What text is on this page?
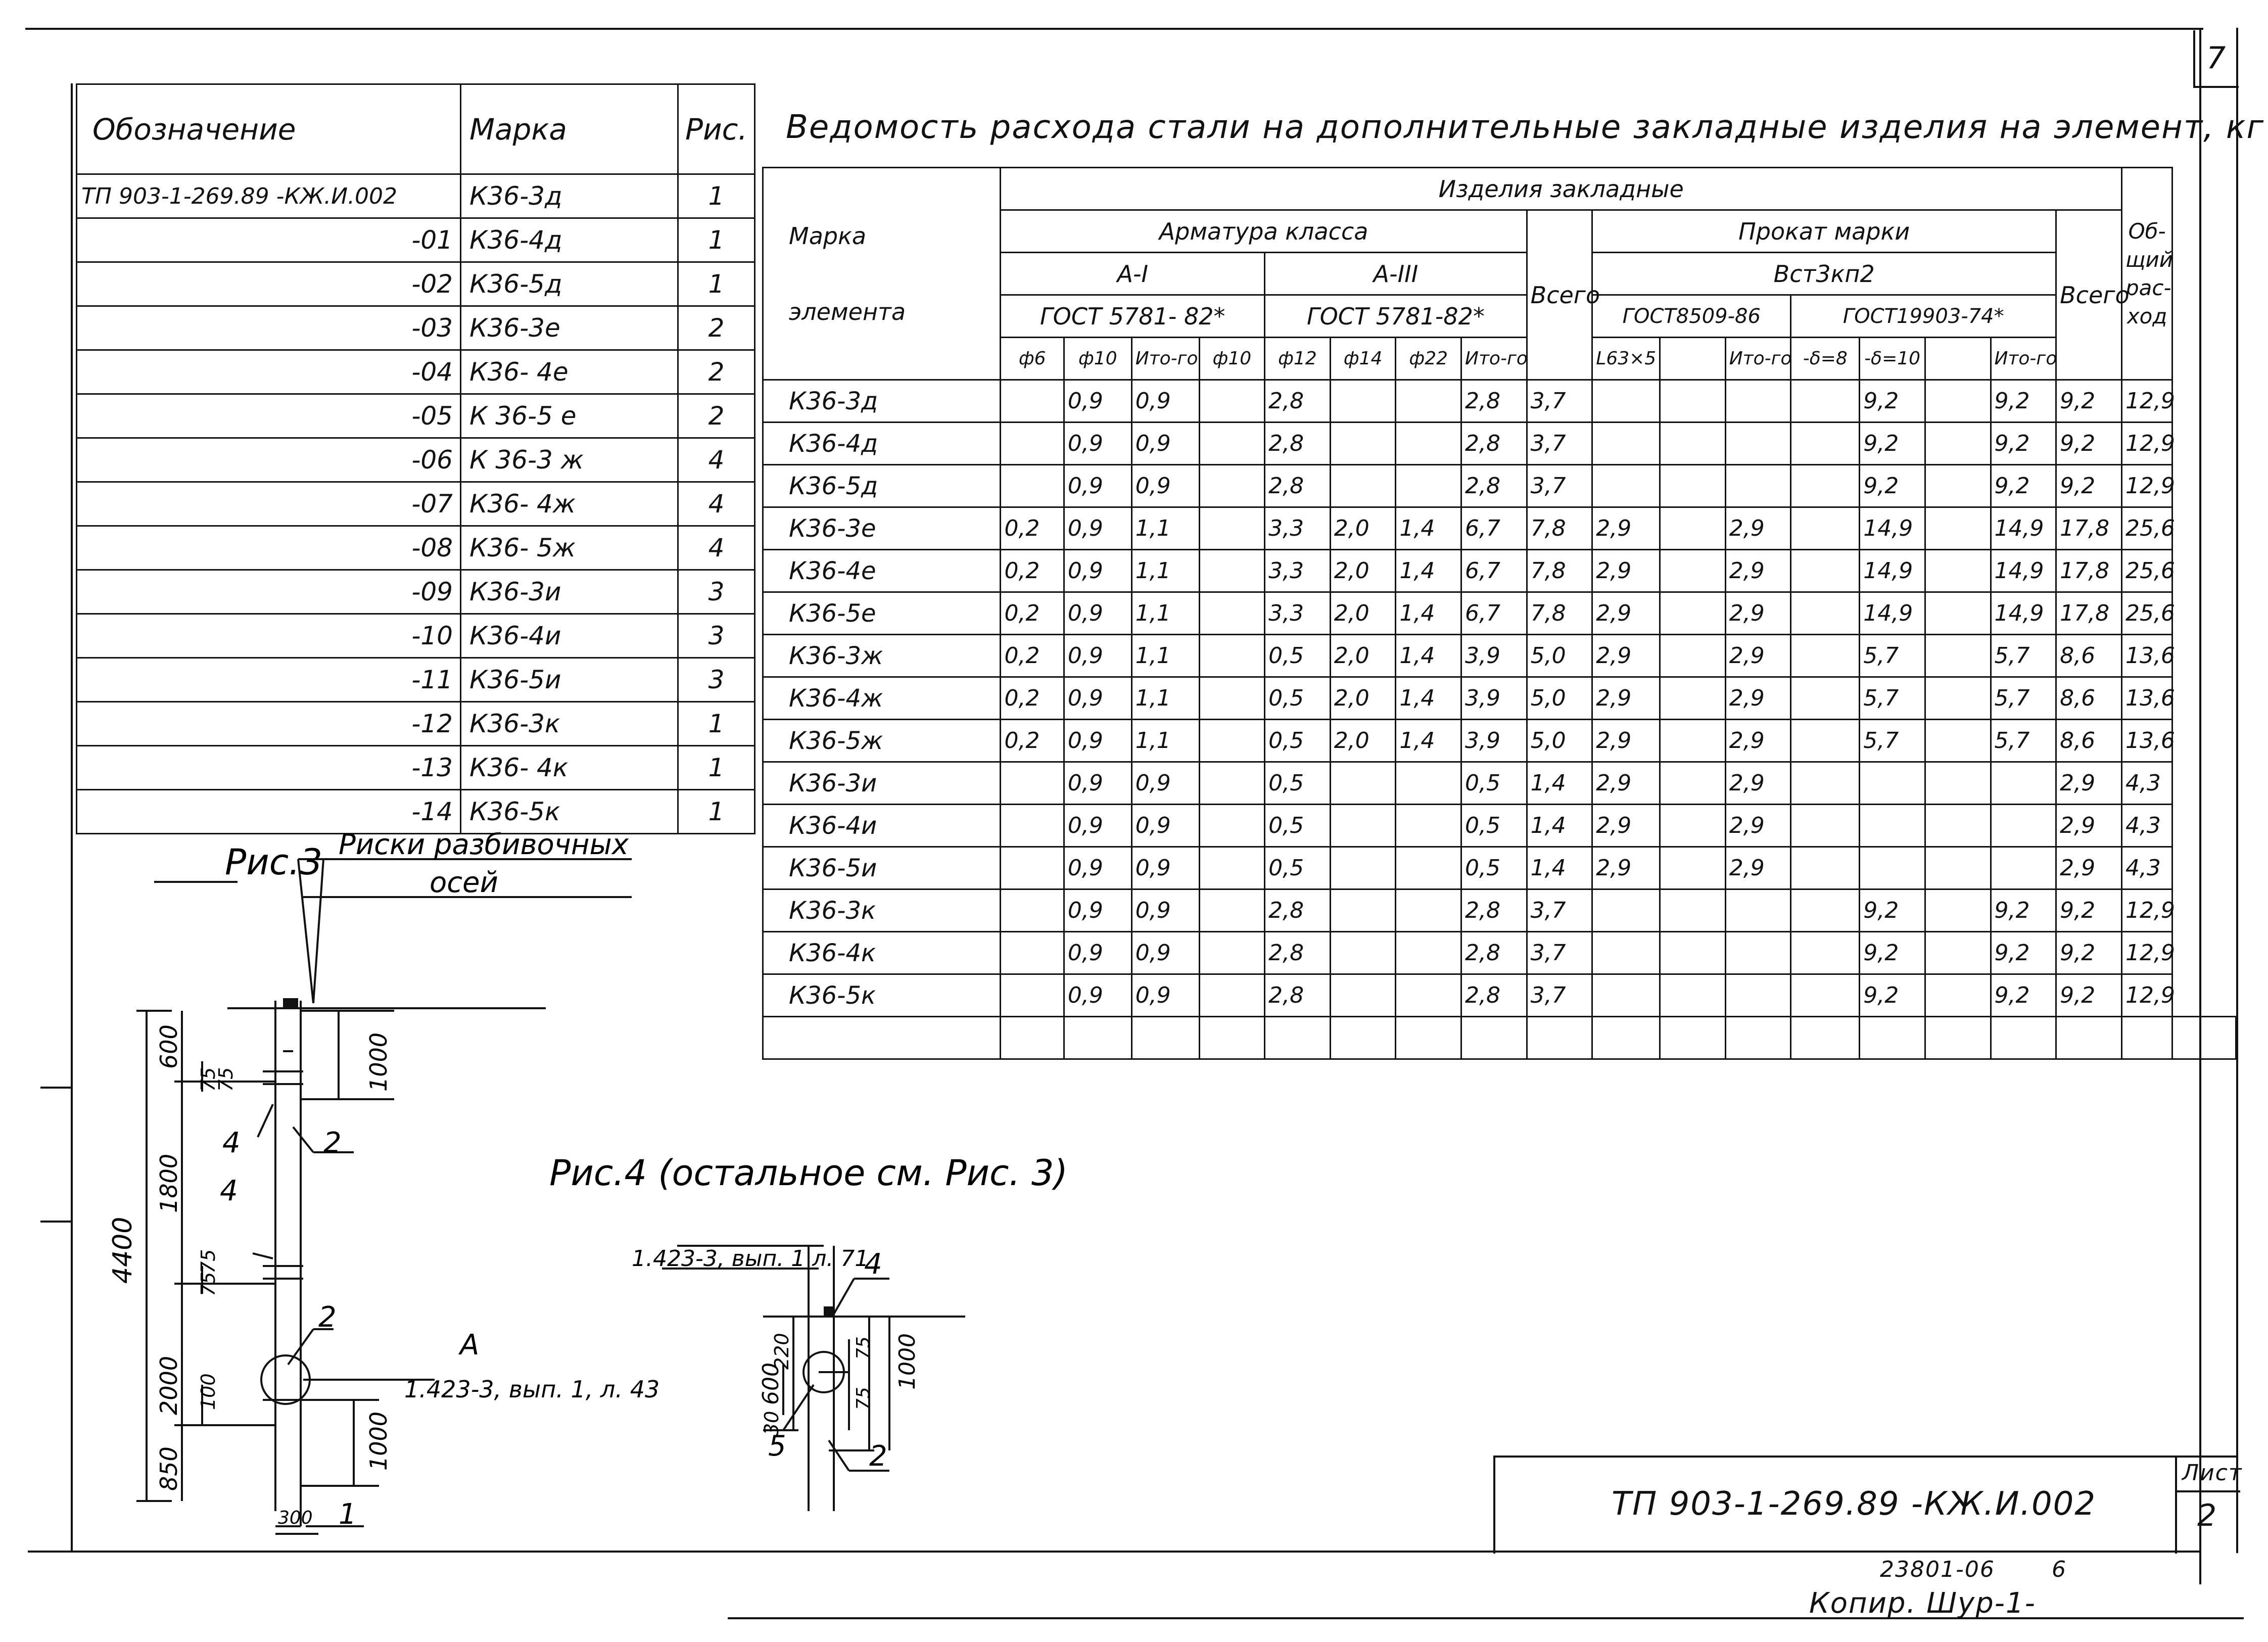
7
Обозначение	Марка	Рис.
ТП 903-1-269.89 -КЖ.И.002	К36-3д	1
-01	К36-4д	1
-02	К36-5д	1
-03	К36-3е	2
-04	К36- 4е	2
-05	К 36-5 е	2
-06	К 36-3 ж	4
-07	К36- 4ж	4
-08	К36- 5ж	4
-09	К36-3и	3
-10	К36-4и	3
-11	К36-5и	3
-12	К36-3к	1
-13	К36- 4к	1
-14	К36-5к	1
Ведомость расхода стали на дополнительные закладные изделия на элемент, кг
Марка
элемента	Изделия закладные																	Об-щий рас-ход	
	Арматура класса								Всего	Прокат марки							Всего		
	А-I				А-III					Вст3кп2									
	ГОСТ 5781- 82*				ГОСТ 5781-82*					ГОСТ8509-86			ГОСТ19903-74*						
	ф6	ф10	Ито-го	ф10	ф12	ф14	ф22	Ито-го		L63×5		Ито-го	-δ=8	-δ=10		Ито-го			
К36-3д		0,9	0,9		2,8			2,8	3,7					9,2		9,2	9,2	12,9	
К36-4д		0,9	0,9		2,8			2,8	3,7					9,2		9,2	9,2	12,9	
К36-5д		0,9	0,9		2,8			2,8	3,7					9,2		9,2	9,2	12,9	
К36-3е	0,2	0,9	1,1		3,3	2,0	1,4	6,7	7,8	2,9		2,9		14,9		14,9	17,8	25,6	
К36-4е	0,2	0,9	1,1		3,3	2,0	1,4	6,7	7,8	2,9		2,9		14,9		14,9	17,8	25,6	
К36-5е	0,2	0,9	1,1		3,3	2,0	1,4	6,7	7,8	2,9		2,9		14,9		14,9	17,8	25,6	
К36-3ж	0,2	0,9	1,1		0,5	2,0	1,4	3,9	5,0	2,9		2,9		5,7		5,7	8,6	13,6	
К36-4ж	0,2	0,9	1,1		0,5	2,0	1,4	3,9	5,0	2,9		2,9		5,7		5,7	8,6	13,6	
К36-5ж	0,2	0,9	1,1		0,5	2,0	1,4	3,9	5,0	2,9		2,9		5,7		5,7	8,6	13,6	
К36-3и		0,9	0,9		0,5			0,5	1,4	2,9		2,9					2,9	4,3	
К36-4и		0,9	0,9		0,5			0,5	1,4	2,9		2,9					2,9	4,3	
К36-5и		0,9	0,9		0,5			0,5	1,4	2,9		2,9					2,9	4,3	
К36-3к		0,9	0,9		2,8			2,8	3,7					9,2		9,2	9,2	12,9	
К36-4к		0,9	0,9		2,8			2,8	3,7					9,2		9,2	9,2	12,9	
К36-5к		0,9	0,9		2,8			2,8	3,7					9,2		9,2	9,2	12,9	

Рис.3 Риски разбивочных
осей
4400
600
1800
2000
850
75
75
75
75
100
1000
1000
300
4
4
2
2
1
А
1.423-3, вып. 1, л. 43
Рис.4 (остальное см. Рис. 3)
1.423-3, вып. 1 л. 71
600
220
30
75
75
1000
4
5	2
ТП 903-1-269.89 -КЖ.И.002
Лист
2
23801-06	6
Копир. Шур-1-
